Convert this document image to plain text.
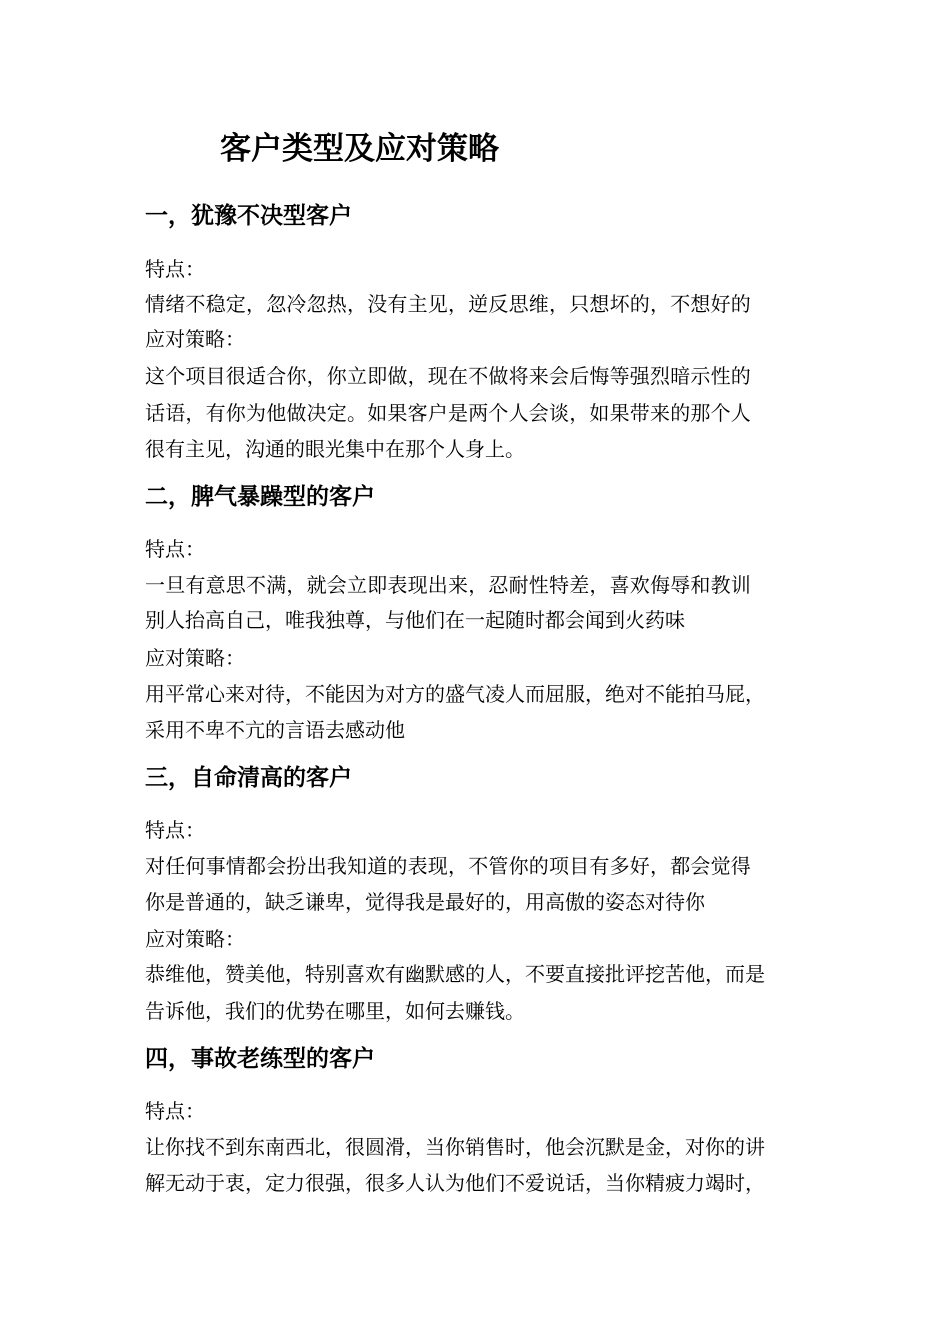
客户类型及应对策略
一，犹豫不决型客户

特点：

情绪不稳定，忽冷忽热，没有主见，逆反思维，只想坏的，不想好的

应对策略：

这个项目很适合你，你立即做，现在不做将来会后悔等强烈暗示性的

话语，有你为他做决定。如果客户是两个人会谈，如果带来的那个人

很有主见，沟通的眼光集中在那个人身上。

二，脾气暴躁型的客户

特点：

一旦有意思不满，就会立即表现出来，忍耐性特差，喜欢侮辱和教训

别人抬高自己，唯我独尊，与他们在一起随时都会闻到火药味

应对策略：

用平常心来对待，不能因为对方的盛气凌人而屈服，绝对不能拍马屁，

采用不卑不亢的言语去感动他

三，自命清高的客户

特点：

对任何事情都会扮出我知道的表现，不管你的项目有多好，都会觉得

你是普通的，缺乏谦卑，觉得我是最好的，用高傲的姿态对待你

应对策略：

恭维他，赞美他，特别喜欢有幽默感的人，不要直接批评挖苦他，而是

告诉他，我们的优势在哪里，如何去赚钱。

四，事故老练型的客户

特点：

让你找不到东南西北，很圆滑，当你销售时，他会沉默是金，对你的讲

解无动于衷，定力很强，很多人认为他们不爱说话，当你精疲力竭时，
